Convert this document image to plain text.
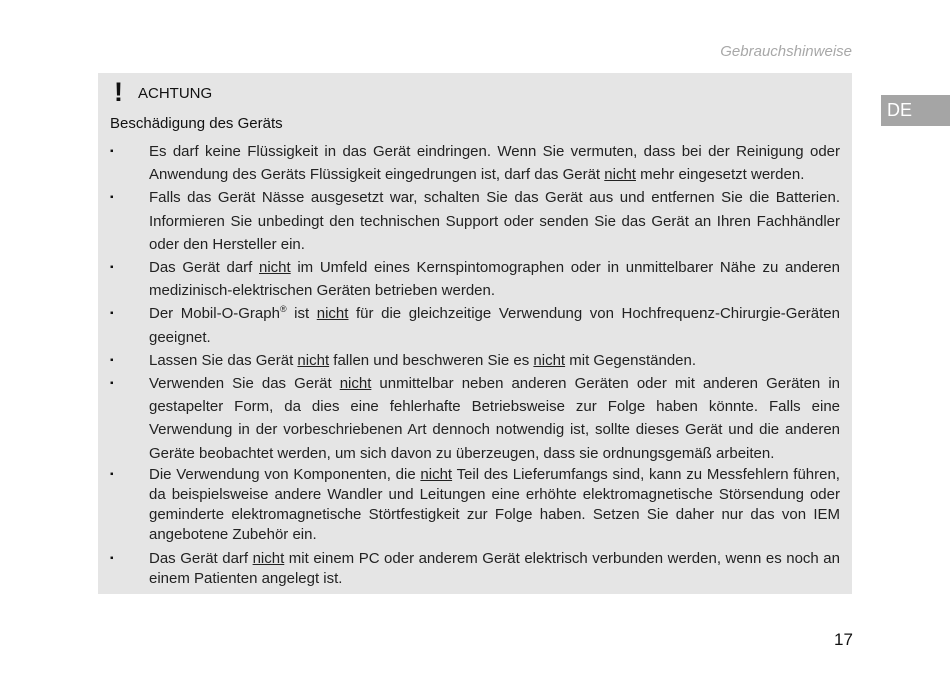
Gebrauchshinweise
DE
! ACHTUNG
Beschädigung des Geräts
▪ Es darf keine Flüssigkeit in das Gerät eindringen. Wenn Sie vermuten, dass bei der Reinigung oder Anwendung des Geräts Flüssigkeit eingedrungen ist, darf das Gerät nicht mehr eingesetzt werden.
▪ Falls das Gerät Nässe ausgesetzt war, schalten Sie das Gerät aus und entfernen Sie die Batterien. Informieren Sie unbedingt den technischen Support oder senden Sie das Gerät an Ihren Fachhändler oder den Hersteller ein.
▪ Das Gerät darf nicht im Umfeld eines Kernspintomographen oder in unmittelbarer Nähe zu anderen medizinisch-elektrischen Geräten betrieben werden.
▪ Der Mobil-O-Graph® ist nicht für die gleichzeitige Verwendung von Hochfrequenz-Chirurgie-Geräten geeignet.
▪ Lassen Sie das Gerät nicht fallen und beschweren Sie es nicht mit Gegenständen.
▪ Verwenden Sie das Gerät nicht unmittelbar neben anderen Geräten oder mit anderen Geräten in gestapelter Form, da dies eine fehlerhafte Betriebsweise zur Folge haben könnte. Falls eine Verwendung in der vorbeschriebenen Art dennoch notwendig ist, sollte dieses Gerät und die anderen Geräte beobachtet werden, um sich davon zu überzeugen, dass sie ordnungsgemäß arbeiten.
▪ Die Verwendung von Komponenten, die nicht Teil des Lieferumfangs sind, kann zu Messfehlern führen, da beispielsweise andere Wandler und Leitungen eine erhöhte elektromagnetische Störsendung oder geminderte elektromagnetische Störtfestigkeit zur Folge haben. Setzen Sie daher nur das von IEM angebotene Zubehör ein.
▪ Das Gerät darf nicht mit einem PC oder anderem Gerät elektrisch verbunden werden, wenn es noch an einem Patienten angelegt ist.
17
